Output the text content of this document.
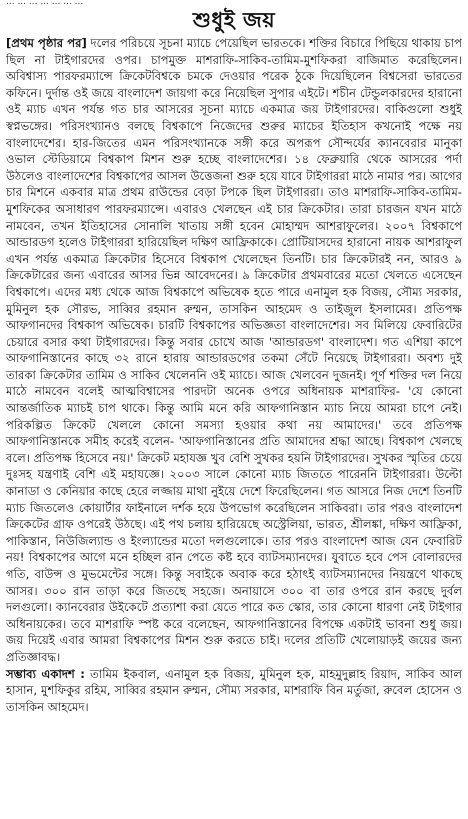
... ... ... ... ... ... ...
শুধুই জয়

[প্রথম পৃষ্ঠার পর] দলের পরিচয়ে সূচনা ম্যাচে পেয়েছিল ভারতকে। শক্তির বিচারে পিছিয়ে থাকায় চাপ ছিল না টাইগারদের ওপর। চাপমুক্ত মাশরাফি-সাকিব-তামিম-মুশফিকরা বাজিমাত করেছিলেন। অবিশ্বাস্য পারফরম্যান্সে ক্রিকেটবিশ্বকে চমকে দেওয়ার পরেক ঠুকে দিয়েছিলেন বিশ্বসেরা ভারতের কফিনে। দুর্দান্ত ওই জয়ে বাংলাদেশ জায়গা করে নিয়েছিল সুপার এইটে। শচীন টেন্ডুলকারদের হারানো ওই ম্যাচ এখন পর্যন্ত গত চার আসরের সূচনা ম্যাচে একমাত্র জয় টাইগারদের। বাকিগুলো শুধুই স্বপ্নভঙ্গের। পরিসংখ্যানও বলছে বিশ্বকাপে নিজেদের শুরুর ম্যাচের ইতিহাস কখনোই পক্ষে নয় বাংলাদেশের। হার-জিতের এমন পরিসংখ্যানকে সঙ্গী করে অপরূপ সৌন্দর্যের ক্যানবেরার মানুকা ওভাল স্টেডিয়ামে বিশ্বকাপ মিশন শুরু হচ্ছে বাংলাদেশের। ১৪ ফেব্রুয়ারি থেকে আসরের পর্দা উঠলেও বাংলাদেশের বিশ্বকাপের আসল উত্তেজনা শুরু হয়ে যাবে টাইগাররা মাঠে নামার পর। আগের চার মিশনে একবার মাত্র প্রথম রাউন্ডের বেড়া টপকে ছিল টাইগাররা। তাও মাশরাফি-সাকিব-তামিম-মুশফিকের অসাধারণ পারফরম্যান্সে। এবারও খেলছেন এই চার ক্রিকেটার। তারা চারজন যখন মাঠে নামবেন, তখন ইতিহাসের সোনালি খাতায় সঙ্গী হবেন মোহাম্মদ আশরাফুলের। ২০০৭ বিশ্বকাপে আন্ডারডগ হলেও টাইগাররা হারিয়েছিল দক্ষিণ আফ্রিকাকে। প্রোটিয়াসদের হারানো নায়ক আশরাফুল এখন পর্যন্ত একমাত্র ক্রিকেটার হিসেবে বিশ্বকাপ খেলেছেন তিনটি। চার ক্রিকেটারই নন, আরও ৯ ক্রিকেটারের জন্য এবারের আসর ভিন্ন আবেদনের। ৯ ক্রিকেটার প্রথমবারের মতো খেলতে এসেছেন বিশ্বকাপে। এদের মধ্য থেকে আজ বিশ্বকাপে অভিষেক হতে পারে এনামুল হক বিজয়, সৌম্য সরকার, মুমিনুল হক সৌরভ, সাব্বির রহমান রুম্মন, তাসকিন আহমেদ ও তাইজুল ইসলামের। প্রতিপক্ষ আফগানদের বিশ্বকাপ অভিষেক। চারটি বিশ্বকাপের অভিজ্ঞতা বাংলাদেশের। সব মিলিয়ে ফেবারিটের চেয়ারে বসার কথা টাইগারদের। কিন্তু সবার চোখে আজ 'আন্ডারডগ' বাংলাদেশ। গত এশিয়া কাপে আফগানিস্তানের কাছে ৩২ রানে হারায় আন্ডারডগের তকমা সেঁটে নিয়েছে টাইগাররা। অবশ্য দুই তারকা ক্রিকেটার তামিম ও সাকিব খেলেননি ওই ম্যাচে। আজ খেলবেন দুজনই। পূর্ণ শক্তির দল নিয়ে মাঠে নামবেন বলেই আত্মবিশ্বাসের পারদটা অনেক ওপরে অধিনায়ক মাশরাফির- 'যে কোনো আন্তর্জাতিক ম্যাচই চাপ থাকে। কিন্তু আমি মনে করি আফগানিস্তান ম্যাচ নিয়ে আমরা চাপে নেই। পরিকল্পিত ক্রিকেট খেললে কোনো সমস্যা হওয়ার কথা নয় আমাদের।' তবে প্রতিপক্ষ আফগানিস্তানকে সমীহ করেই বলেন- 'আফগানিস্তানের প্রতি আমাদের শ্রদ্ধা আছে। বিশ্বকাপ খেলছে বলে। প্রতিপক্ষ হিসেবে নয়।' ক্রিকেট মহাযজ্ঞ খুব বেশি সুখকর হয়নি টাইগারদের। সুখকর স্মৃতির চেয়ে দুঃসহ যন্ত্রণাই বেশি এই মহাযজ্ঞে। ২০০৩ সালে কোনো ম্যাচ জিততে পারেননি টাইগাররা। উল্টো কানাডা ও কেনিয়ার কাছে হেরে লজ্জায় মাথা নুইয়ে দেশে ফিরেছিলেন। গত আসরে নিজ দেশে তিনটি ম্যাচ জিতলেও কোয়ার্টার ফাইনালে দর্শক হয়ে উপভোগ করেছিলেন সাকিবরা। তার পরও বাংলাদেশ ক্রিকেটের গ্রাফ ওপরেই উঠছে। এই পথ চলায় হারিয়েছে অস্ট্রেলিয়া, ভারত, শ্রীলঙ্কা, দক্ষিণ আফ্রিকা, পাকিস্তান, নিউজিল্যান্ড ও ইংল্যান্ডের মতো দলগুলোকে। তার পরও বাংলাদেশ আজ যেন ফেবারিট নয়! বিশ্বকাপের আগে মনে হচ্ছিল রান পেতে কষ্ট হবে ব্যাটসম্যানদের। যুবাতে হবে পেস বোলারদের গতি, বাউন্স ও মুভমেন্টের সঙ্গে। কিন্তু সবাইকে অবাক করে হঠাৎই ব্যাটসম্যানদের নিয়ন্ত্রণে থাকছে আসর। ৩০০ রান তাড়া করে জিতছে সহজে। অনায়াসে ৩০০ বা তার ওপরে রান করছে দুর্বল দলগুলো। ক্যানবেরার উইকেটে প্রত্যাশা করা যেতে পারে কত স্কোর, তার কোনো ধারণা নেই টাইগার অধিনায়কের। তবে মাশরাফি স্পষ্ট করে বলেছেন, আফগানিস্তানের বিপক্ষে একটাই ভাবনা শুধু জয়। জয় দিয়েই এবার আমরা বিশ্বকাপের মিশন শুরু করতে চাই। দলের প্রতিটি খেলোয়াড়ই জয়ের জন্য প্রতিজ্ঞাবদ্ধ।

সম্ভাব্য একাদশ : তামিম ইকবাল, এনামুল হক বিজয়, মুমিনুল হক, মাহমুদুল্লাহ রিয়াদ, সাকিব আল হাসান, মুশফিকুর রহিম, সাব্বির রহমান রুম্মন, সৌম্য সরকার, মাশরাফি বিন মর্তুজা, রুবেল হোসেন ও তাসকিন আহমেদ।
